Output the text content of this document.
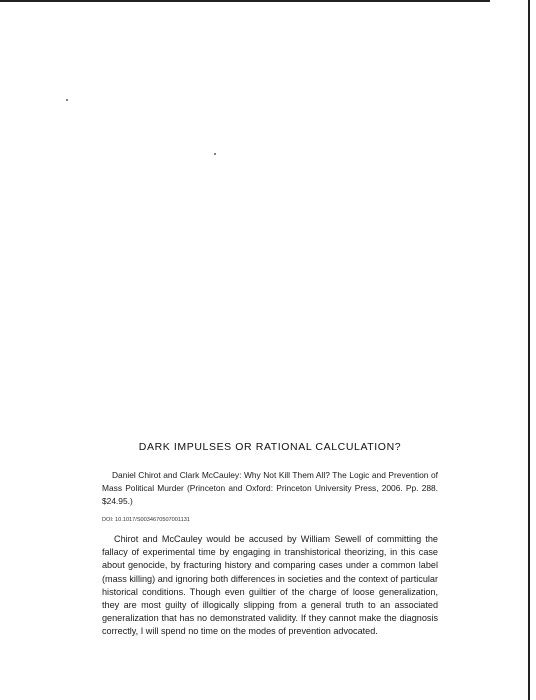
DARK IMPULSES OR RATIONAL CALCULATION?

Daniel Chirot and Clark McCauley: Why Not Kill Them All? The Logic and Prevention of Mass Political Murder (Princeton and Oxford: Princeton University Press, 2006. Pp. 288. $24.95.)

DOI: 10.1017/S0034670507001131

Chirot and McCauley would be accused by William Sewell of committing the fallacy of experimental time by engaging in transhistorical theorizing, in this case about genocide, by fracturing history and comparing cases under a common label (mass killing) and ignoring both differences in societies and the context of particular historical conditions. Though even guiltier of the charge of loose generalization, they are most guilty of illogically slipping from a general truth to an associated generalization that has no demonstrated validity. If they cannot make the diagnosis correctly, I will spend no time on the modes of prevention advocated.
